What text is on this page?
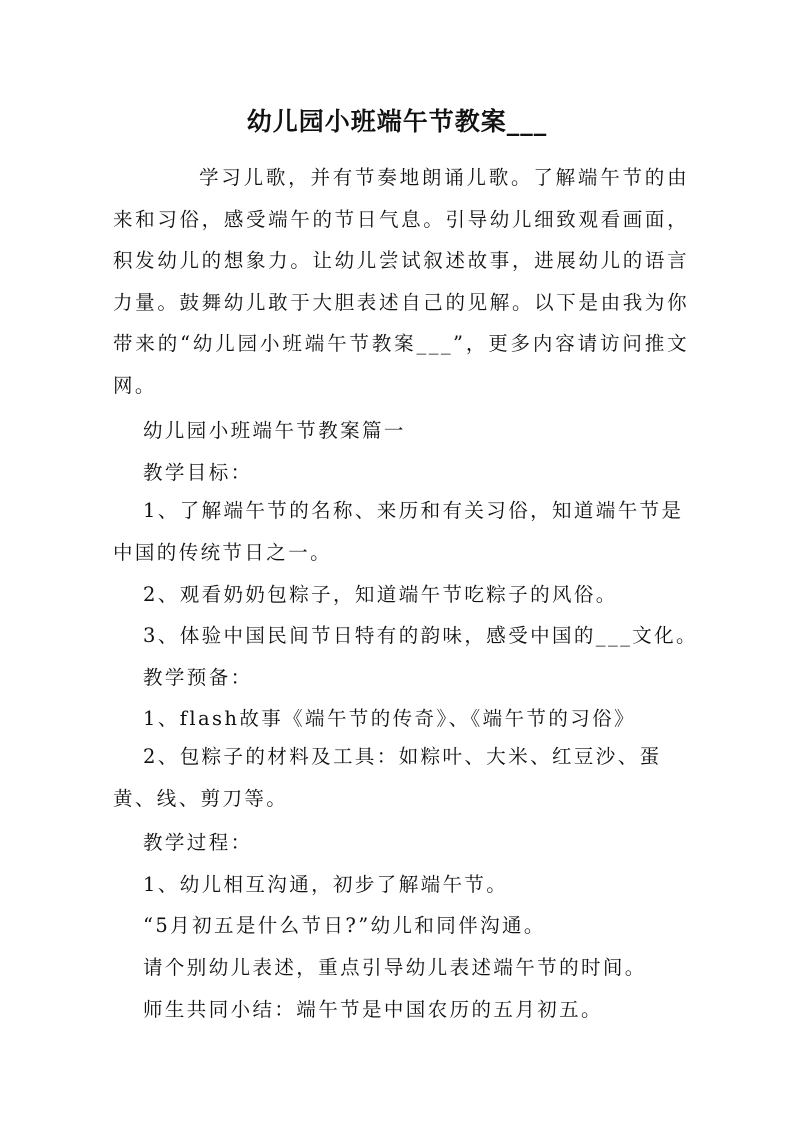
幼儿园小班端午节教案___

学习儿歌，并有节奏地朗诵儿歌。了解端午节的由来和习俗，感受端午的节日气息。引导幼儿细致观看画面，积发幼儿的想象力。让幼儿尝试叙述故事，进展幼儿的语言力量。鼓舞幼儿敢于大胆表述自己的见解。以下是由我为你带来的“幼儿园小班端午节教案___”，更多内容请访问推文网。

幼儿园小班端午节教案篇一

教学目标：

1、了解端午节的名称、来历和有关习俗，知道端午节是中国的传统节日之一。

2、观看奶奶包粽子，知道端午节吃粽子的风俗。

3、体验中国民间节日特有的韵味，感受中国的___文化。

教学预备：

1、flash故事《端午节的传奇》、《端午节的习俗》

2、包粽子的材料及工具：如粽叶、大米、红豆沙、蛋黄、线、剪刀等。

教学过程：

1、幼儿相互沟通，初步了解端午节。

“5月初五是什么节日?”幼儿和同伴沟通。

请个别幼儿表述，重点引导幼儿表述端午节的时间。

师生共同小结：端午节是中国农历的五月初五。
